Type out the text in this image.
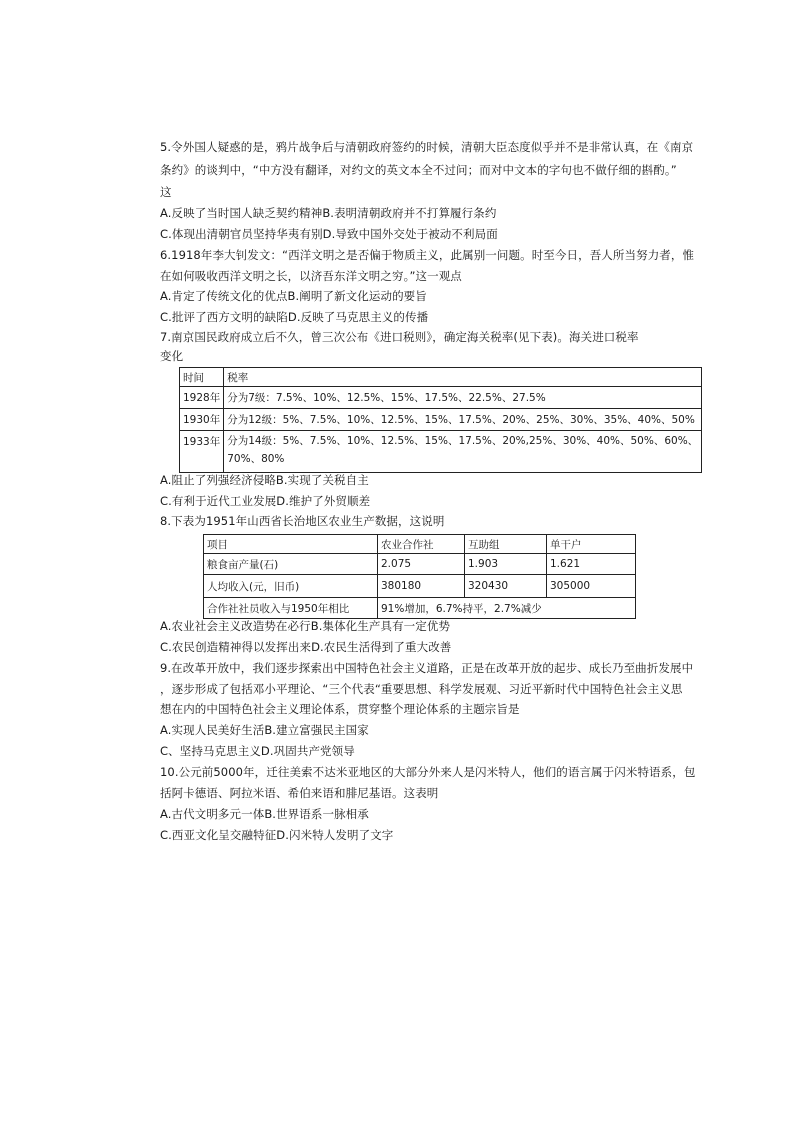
5.令外国人疑惑的是，鸦片战争后与清朝政府签约的时候，清朝大臣态度似乎并不是非常认真，在《南京
条约》的谈判中，“中方没有翻译，对约文的英文本全不过问；而对中文本的字句也不做仔细的斟酌。”
这
A.反映了当时国人缺乏契约精神B.表明清朝政府并不打算履行条约
C.体现出清朝官员坚持华夷有别D.导致中国外交处于被动不利局面
6.1918年李大钊发文：“西洋文明之是否偏于物质主义，此属别一问题。时至今日，吾人所当努力者，惟
在如何吸收西洋文明之长，以济吾东洋文明之穷。”这一观点
A.肯定了传统文化的优点B.阐明了新文化运动的要旨
C.批评了西方文明的缺陷D.反映了马克思主义的传播
7.南京国民政府成立后不久，曾三次公布《进口税则》，确定海关税率(见下表)。海关进口税率
变化
时间	税率
1928年	分为7级：7.5%、10%、12.5%、15%、17.5%、22.5%、27.5%
1930年	分为12级：5%、7.5%、10%、12.5%、15%、17.5%、20%、25%、30%、35%、40%、50%
1933年	分为14级：5%、7.5%、10%、12.5%、15%、17.5%、20%,25%、30%、40%、50%、60%、
70%、80%
A.阻止了列强经济侵略B.实现了关税自主
C.有利于近代工业发展D.维护了外贸顺差
8.下表为1951年山西省长治地区农业生产数据，这说明
项目	农业合作社	互助组	单干户
粮食亩产量(石)	2.075	1.903	1.621
人均收入(元，旧币)	380180	320430	305000
合作社社员收入与1950年相比	91%增加，6.7%持平，2.7%减少		
A.农业社会主义改造势在必行B.集体化生产具有一定优势
C.农民创造精神得以发挥出来D.农民生活得到了重大改善
9.在改革开放中，我们逐步探索出中国特色社会主义道路，正是在改革开放的起步、成长乃至曲折发展中
，逐步形成了包括邓小平理论、“三个代表“重要思想、科学发展观、习近平新时代中国特色社会主义思
想在内的中国特色社会主义理论体系，贯穿整个理论体系的主题宗旨是
A.实现人民美好生活B.建立富强民主国家
C、坚持马克思主义D.巩固共产党领导
10.公元前5000年，迁往美索不达米亚地区的大部分外来人是闪米特人，他们的语言属于闪米特语系，包
括阿卡德语、阿拉米语、希伯来语和腓尼基语。这表明
A.古代文明多元一体B.世界语系一脉相承
C.西亚文化呈交融特征D.闪米特人发明了文字
